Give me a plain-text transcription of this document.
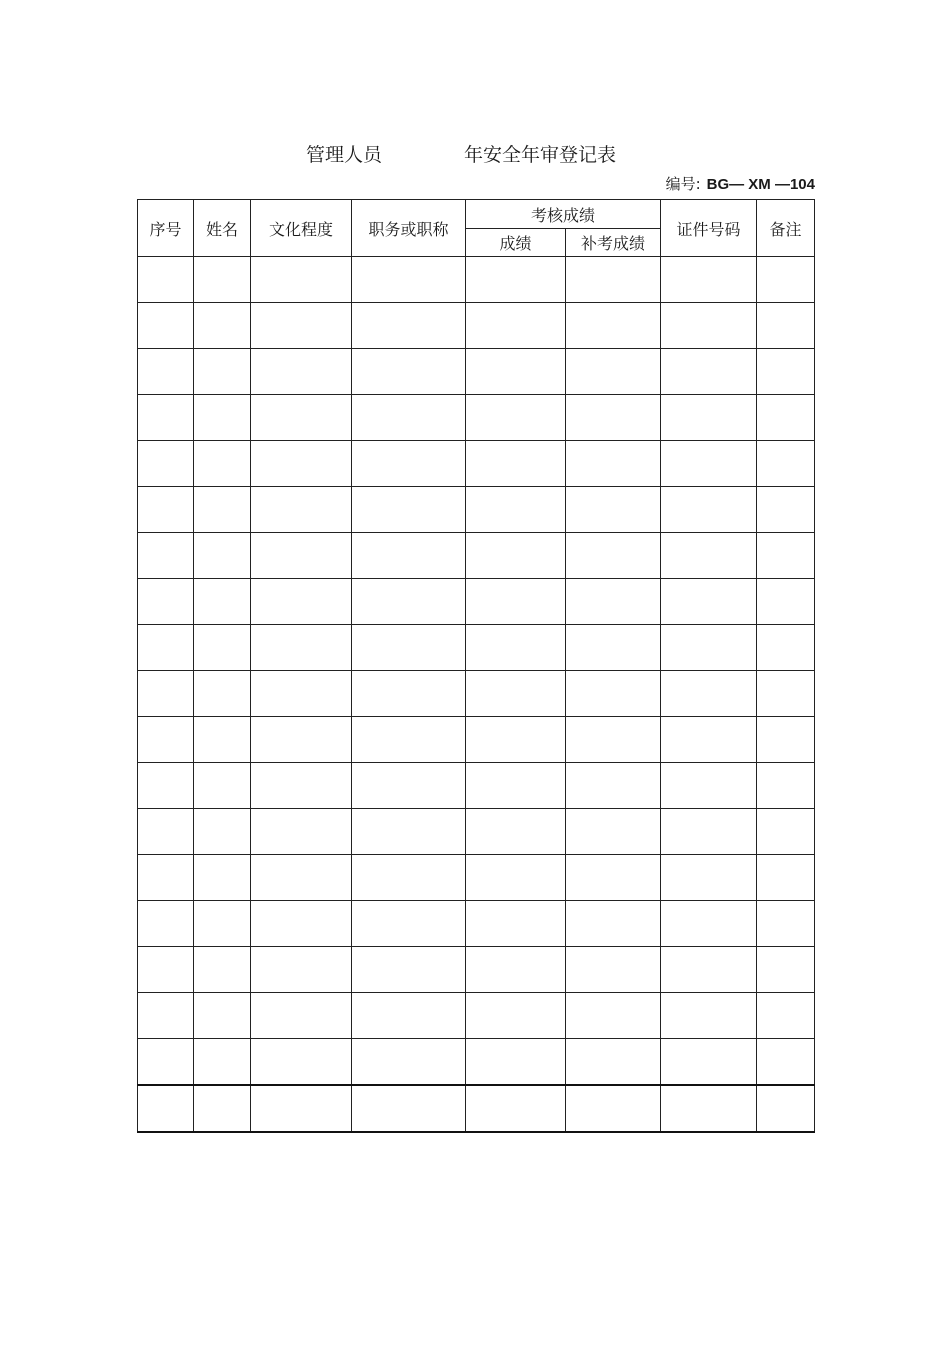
管理人员	年安全年审登记表
编号: BG— XM —104
序号	姓名	文化程度	职务或职称	考核成绩		证件号码	备注
				成绩	补考成绩		
